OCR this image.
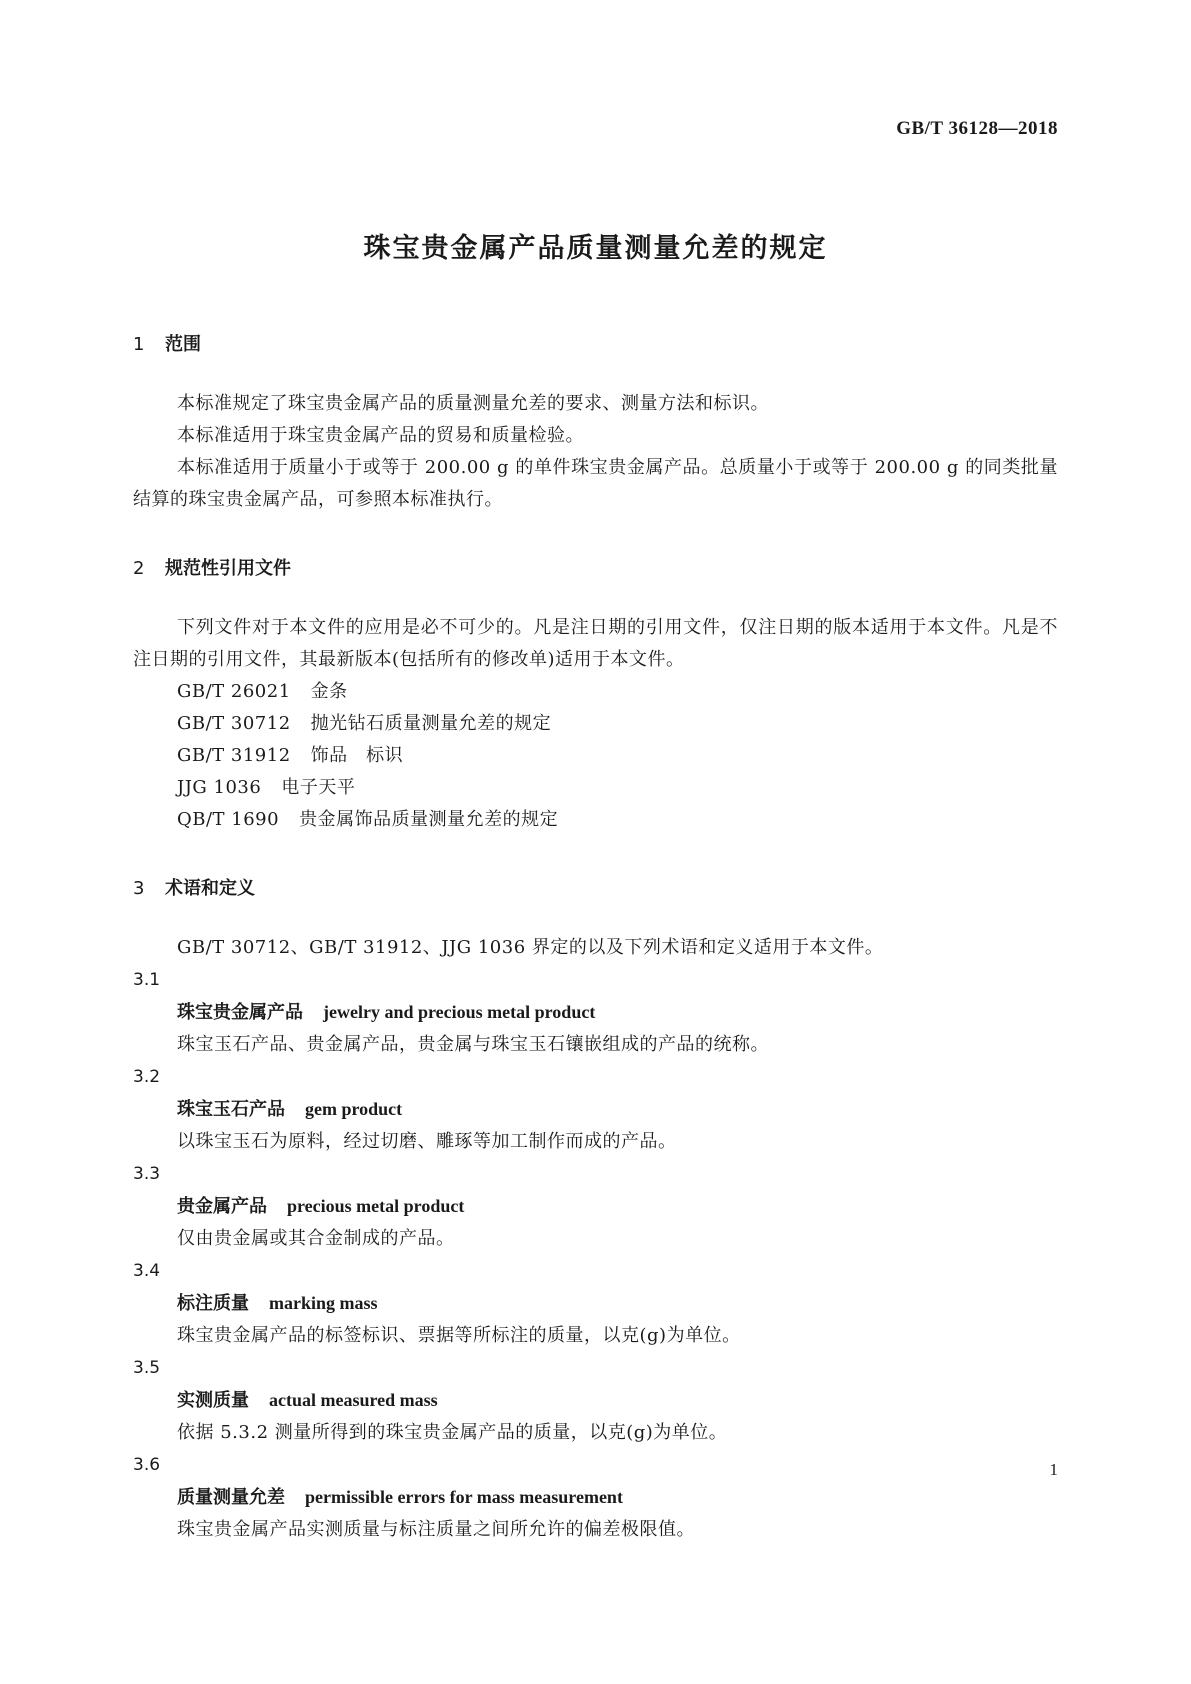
GB/T 36128—2018
珠宝贵金属产品质量测量允差的规定
1 范围

本标准规定了珠宝贵金属产品的质量测量允差的要求、测量方法和标识。

本标准适用于珠宝贵金属产品的贸易和质量检验。

本标准适用于质量小于或等于 200.00 g 的单件珠宝贵金属产品。总质量小于或等于 200.00 g 的同类批量结算的珠宝贵金属产品，可参照本标准执行。

2 规范性引用文件

下列文件对于本文件的应用是必不可少的。凡是注日期的引用文件，仅注日期的版本适用于本文件。凡是不注日期的引用文件，其最新版本(包括所有的修改单)适用于本文件。

GB/T 26021 金条

GB/T 30712 抛光钻石质量测量允差的规定

GB/T 31912 饰品　标识

JJG 1036 电子天平

QB/T 1690 贵金属饰品质量测量允差的规定

3 术语和定义

GB/T 30712、GB/T 31912、JJG 1036 界定的以及下列术语和定义适用于本文件。

3.1

珠宝贵金属产品 jewelry and precious metal product

珠宝玉石产品、贵金属产品，贵金属与珠宝玉石镶嵌组成的产品的统称。

3.2

珠宝玉石产品 gem product

以珠宝玉石为原料，经过切磨、雕琢等加工制作而成的产品。

3.3

贵金属产品 precious metal product

仅由贵金属或其合金制成的产品。

3.4

标注质量 marking mass

珠宝贵金属产品的标签标识、票据等所标注的质量，以克(g)为单位。

3.5

实测质量 actual measured mass

依据 5.3.2 测量所得到的珠宝贵金属产品的质量，以克(g)为单位。

3.6

质量测量允差 permissible errors for mass measurement

珠宝贵金属产品实测质量与标注质量之间所允许的偏差极限值。

1
